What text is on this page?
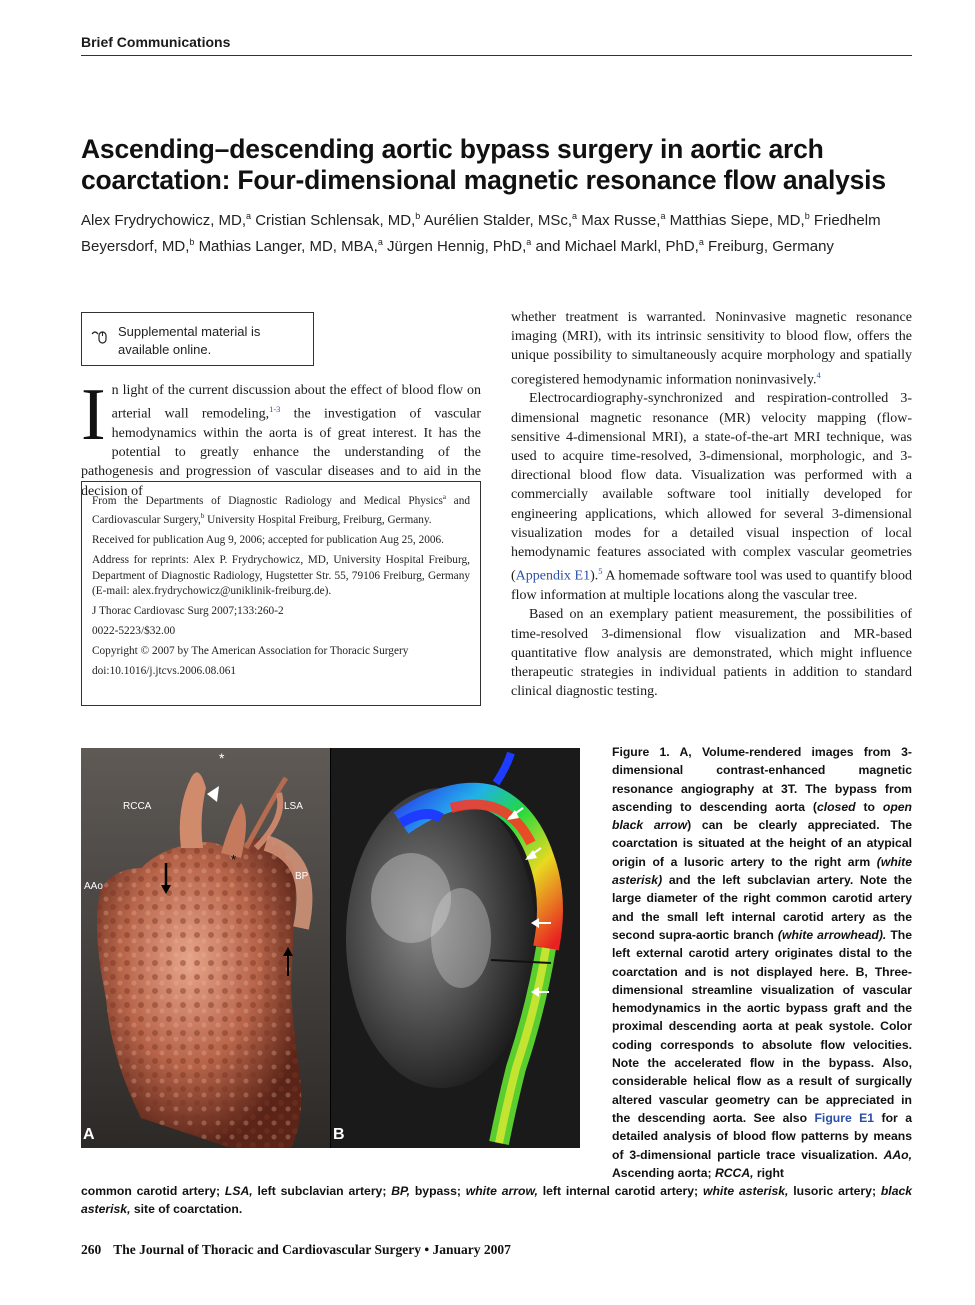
Brief Communications
Ascending–descending aortic bypass surgery in aortic arch coarctation: Four-dimensional magnetic resonance flow analysis
Alex Frydrychowicz, MD,$^a$ Cristian Schlensak, MD,$^b$ Aurélien Stalder, MSc,$^a$ Max Russe,$^a$ Matthias Siepe, MD,$^b$ Friedhelm Beyersdorf, MD,$^b$ Mathias Langer, MD, MBA,$^a$ Jürgen Hennig, PhD,$^a$ and Michael Markl, PhD,$^a$ Freiburg, Germany
Supplemental material is available online.
In light of the current discussion about the effect of blood flow on arterial wall remodeling,$^{1-3}$ the investigation of vascular hemodynamics within the aorta is of great interest. It has the potential to greatly enhance the understanding of the pathogenesis and progression of vascular diseases and to aid in the decision of

From the Departments of Diagnostic Radiology and Medical Physics$^a$ and Cardiovascular Surgery,$^b$ University Hospital Freiburg, Freiburg, Germany.

Received for publication Aug 9, 2006; accepted for publication Aug 25, 2006.

Address for reprints: Alex P. Frydrychowicz, MD, University Hospital Freiburg, Department of Diagnostic Radiology, Hugstetter Str. 55, 79106 Freiburg, Germany (E-mail: alex.frydrychowicz@uniklinik-freiburg.de).

J Thorac Cardiovasc Surg 2007;133:260-2

0022-5223/$32.00

Copyright © 2007 by The American Association for Thoracic Surgery

doi:10.1016/j.jtcvs.2006.08.061

whether treatment is warranted. Noninvasive magnetic resonance imaging (MRI), with its intrinsic sensitivity to blood flow, offers the unique possibility to simultaneously acquire morphology and spatially coregistered hemodynamic information noninvasively.$^4$

Electrocardiography-synchronized and respiration-controlled 3-dimensional magnetic resonance (MR) velocity mapping (flow-sensitive 4-dimensional MRI), a state-of-the-art MRI technique, was used to acquire time-resolved, 3-dimensional, morphologic, and 3-directional blood flow data. Visualization was performed with a commercially available software tool initially developed for engineering applications, which allowed for several 3-dimensional visualization modes for a detailed visual inspection of local hemodynamic features associated with complex vascular geometries (Appendix E1).$^5$ A homemade software tool was used to quantify blood flow information at multiple locations along the vascular tree.

Based on an exemplary patient measurement, the possibilities of time-resolved 3-dimensional flow visualization and MR-based quantitative flow analysis are demonstrated, which might influence therapeutic strategies in individual patients in addition to standard clinical diagnostic testing.

*
*
RCCA	LSA
AAo
BP
A	B
Figure 1. A, Volume-rendered images from 3-dimensional contrast-enhanced magnetic resonance angiography at 3T. The bypass from ascending to descending aorta (closed to open black arrow) can be clearly appreciated. The coarctation is situated at the height of an atypical origin of a lusoric artery to the right arm (white asterisk) and the left subclavian artery. Note the large diameter of the right common carotid artery and the small left internal carotid artery as the second supra-aortic branch (white arrowhead). The left external carotid artery originates distal to the coarctation and is not displayed here. B, Three-dimensional streamline visualization of vascular hemodynamics in the aortic bypass graft and the proximal descending aorta at peak systole. Color coding corresponds to absolute flow velocities. Note the accelerated flow in the bypass. Also, considerable helical flow as a result of surgically altered vascular geometry can be appreciated in the descending aorta. See also Figure E1 for a detailed analysis of blood flow patterns by means of 3-dimensional particle trace visualization. AAo, Ascending aorta; RCCA, right
common carotid artery; LSA, left subclavian artery; BP, bypass; white arrow, left internal carotid artery; white asterisk, lusoric artery; black asterisk, site of coarctation.
260 The Journal of Thoracic and Cardiovascular Surgery • January 2007
